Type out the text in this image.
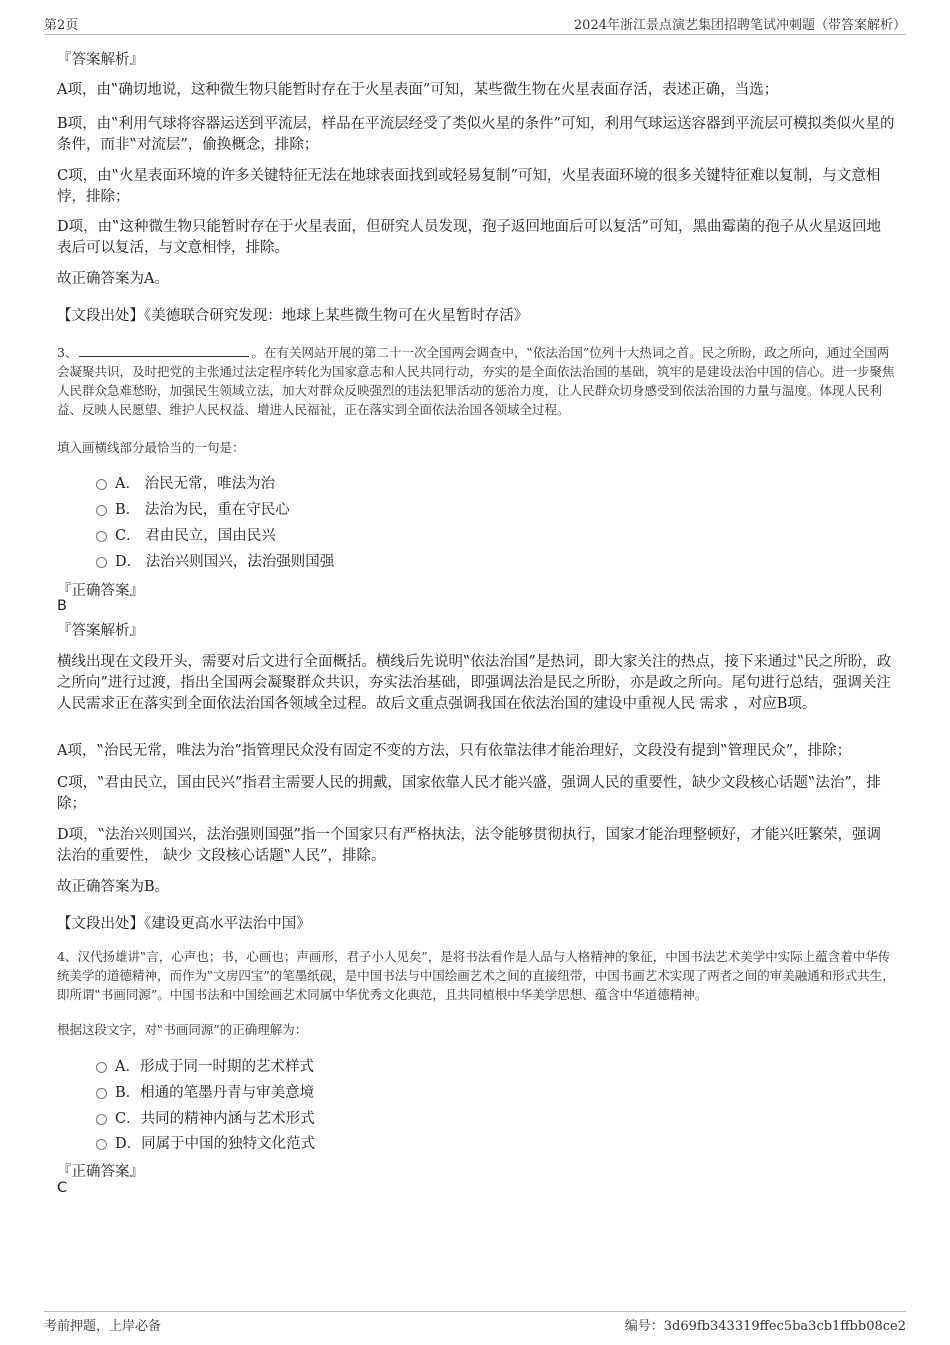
第2页	2024年浙江景点演艺集团招聘笔试冲刺题（带答案解析）
『答案解析』
A项，由‟确切地说，这种微生物只能暂时存在于火星表面”可知，某些微生物在火星表面存活，表述正确，当选；
B项，由‟利用气球将容器运送到平流层，样品在平流层经受了类似火星的条件”可知，利用气球运送容器到平流层可模拟类似火星的条件，而非‟对流层”，偷换概念，排除；
C项，由‟火星表面环境的许多关键特征无法在地球表面找到或轻易复制”可知，火星表面环境的很多关键特征难以复制，与文意相悖，排除；
D项，由‟这种微生物只能暂时存在于火星表面，但研究人员发现，孢子返回地面后可以复活”可知，黑曲霉菌的孢子从火星返回地表后可以复活，与文意相悖，排除。
故正确答案为A。
【文段出处】《美德联合研究发现：地球上某些微生物可在火星暂时存活》
3、	。在有关网站开展的第二十一次全国两会调查中，‟依法治国”位列十大热词之首。民之所盼，政之所向，通过全国两会凝聚共识，及时把党的主张通过法定程序转化为国家意志和人民共同行动，夯实的是全面依法治国的基础，筑牢的是建设法治中国的信心。进一步聚焦人民群众急难愁盼，加强民生领域立法，加大对群众反映强烈的违法犯罪活动的惩治力度，让人民群众切身感受到依法治国的力量与温度。体现人民利益、反映人民愿望、维护人民权益、增进人民福祉，正在落实到全面依法治国各领域全过程。
填入画横线部分最恰当的一句是：
A． 治民无常，唯法为治
B． 法治为民，重在守民心
C． 君由民立，国由民兴
D． 法治兴则国兴，法治强则国强
『正确答案』
B
『答案解析』
横线出现在文段开头，需要对后文进行全面概括。横线后先说明‟依法治国”是热词，即大家关注的热点，接下来通过‟民之所盼，政之所向”进行过渡，指出全国两会凝聚群众共识，夯实法治基础，即强调法治是民之所盼，亦是政之所向。尾句进行总结，强调关注人民需求正在落实到全面依法治国各领域全过程。故后文重点强调我国在依法治国的建设中重视人民 需求 ，对应B项。
A项，‟治民无常，唯法为治”指管理民众没有固定不变的方法，只有依靠法律才能治理好，文段没有提到‟管理民众”，排除；
C项，‟君由民立，国由民兴”指君主需要人民的拥戴，国家依靠人民才能兴盛，强调人民的重要性，缺少文段核心话题‟法治”，排除；
D项，‟法治兴则国兴，法治强则国强”指一个国家只有严格执法，法令能够贯彻执行，国家才能治理整顿好，才能兴旺繁荣，强调法治的重要性， 缺少 文段核心话题‟人民”，排除。
故正确答案为B。
【文段出处】《建设更高水平法治中国》
4、汉代扬雄讲‟言，心声也；书，心画也；声画形，君子小人见矣”，是将书法看作是人品与人格精神的象征，中国书法艺术美学中实际上蕴含着中华传统美学的道德精神，而作为‟文房四宝”的笔墨纸砚，是中国书法与中国绘画艺术之间的直接纽带，中国书画艺术实现了两者之间的审美融通和形式共生，即所谓‟书画同源”。中国书法和中国绘画艺术同属中华优秀文化典范，且共同植根中华美学思想、蕴含中华道德精神。
根据这段文字，对‟书画同源”的正确理解为：
A．形成于同一时期的艺术样式
B．相通的笔墨丹青与审美意境
C．共同的精神内涵与艺术形式
D．同属于中国的独特文化范式
『正确答案』
C
考前押题，上岸必备	编号：3d69fb343319ffec5ba3cb1ffbb08ce2
